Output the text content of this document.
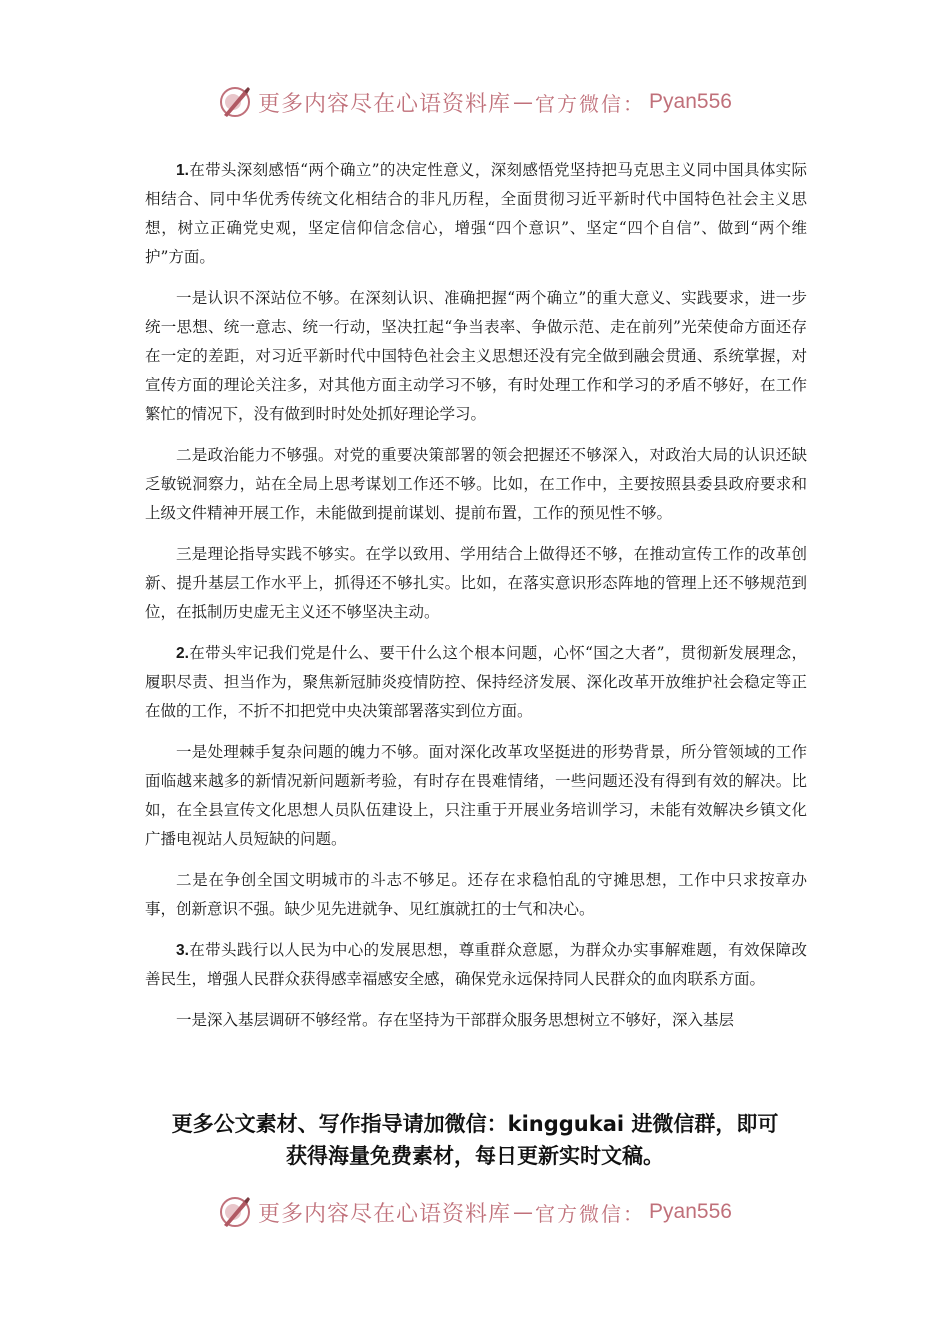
更多内容尽在心语资料库 — 官方微信： Pyan556

1.在带头深刻感悟“两个确立”的决定性意义，深刻感悟党坚持把马克思主义同中国具体实际相结合、同中华优秀传统文化相结合的非凡历程，全面贯彻习近平新时代中国特色社会主义思想，树立正确党史观，坚定信仰信念信心，增强“四个意识”、坚定“四个自信”、做到“两个维护”方面。

一是认识不深站位不够。在深刻认识、准确把握“两个确立”的重大意义、实践要求，进一步统一思想、统一意志、统一行动，坚决扛起“争当表率、争做示范、走在前列”光荣使命方面还存在一定的差距，对习近平新时代中国特色社会主义思想还没有完全做到融会贯通、系统掌握，对宣传方面的理论关注多，对其他方面主动学习不够，有时处理工作和学习的矛盾不够好，在工作繁忙的情况下，没有做到时时处处抓好理论学习。

二是政治能力不够强。对党的重要决策部署的领会把握还不够深入，对政治大局的认识还缺乏敏锐洞察力，站在全局上思考谋划工作还不够。比如，在工作中，主要按照县委县政府要求和上级文件精神开展工作，未能做到提前谋划、提前布置，工作的预见性不够。

三是理论指导实践不够实。在学以致用、学用结合上做得还不够，在推动宣传工作的改革创新、提升基层工作水平上，抓得还不够扎实。比如，在落实意识形态阵地的管理上还不够规范到位，在抵制历史虚无主义还不够坚决主动。

2.在带头牢记我们党是什么、要干什么这个根本问题，心怀“国之大者”，贯彻新发展理念，履职尽责、担当作为，聚焦新冠肺炎疫情防控、保持经济发展、深化改革开放维护社会稳定等正在做的工作，不折不扣把党中央决策部署落实到位方面。

一是处理棘手复杂问题的魄力不够。面对深化改革攻坚挺进的形势背景，所分管领域的工作面临越来越多的新情况新问题新考验，有时存在畏难情绪，一些问题还没有得到有效的解决。比如，在全县宣传文化思想人员队伍建设上，只注重于开展业务培训学习，未能有效解决乡镇文化广播电视站人员短缺的问题。

二是在争创全国文明城市的斗志不够足。还存在求稳怕乱的守摊思想，工作中只求按章办事，创新意识不强。缺少见先进就争、见红旗就扛的士气和决心。

3.在带头践行以人民为中心的发展思想，尊重群众意愿，为群众办实事解难题，有效保障改善民生，增强人民群众获得感幸福感安全感，确保党永远保持同人民群众的血肉联系方面。

一是深入基层调研不够经常。存在坚持为干部群众服务思想树立不够好，深入基层

更多公文素材、写作指导请加微信：kinggukai 进微信群，即可
获得海量免费素材，每日更新实时文稿。
更多内容尽在心语资料库 — 官方微信： Pyan556
